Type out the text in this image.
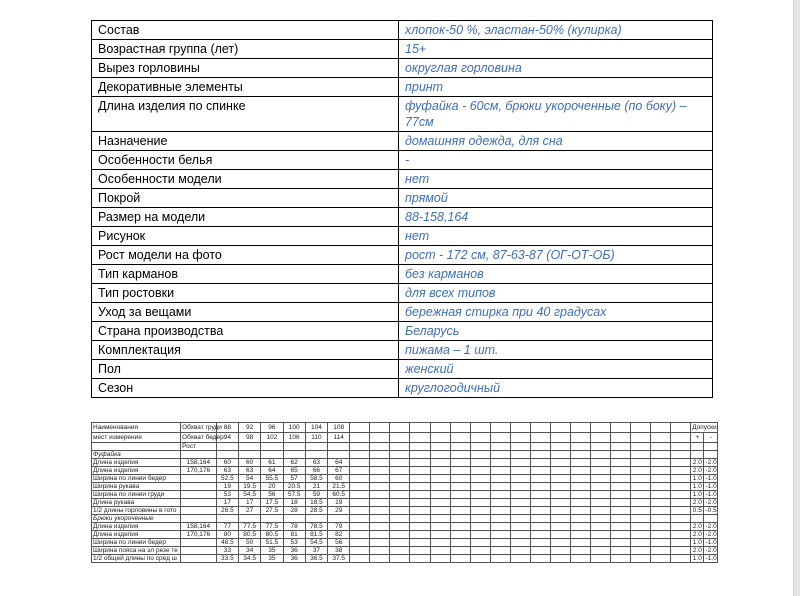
Состав	хлопок-50 %, эластан-50% (кулирка)
Возрастная группа (лет)	15+
Вырез горловины	округлая горловина
Декоративные элементы	принт
Длина изделия по спинке	фуфайка - 60см, брюки укороченные (по боку) – 77см
Назначение	домашняя одежда, для сна
Особенности белья	-
Особенности модели	нет
Покрой	прямой
Размер на модели	88-158,164
Рисунок	нет
Рост модели на фото	рост - 172 см, 87-63-87 (ОГ-ОТ-ОБ)
Тип карманов	без карманов
Тип ростовки	для всех типов
Уход за вещами	бережная стирка при 40 градусах
Страна производства	Беларусь
Комплектация	пижама – 1 шт.
Пол	женский
Сезон	круглогодичный
Наименования	Обхват груди	88	92	96	100	104	108																		Допуски	
мест измерения	Обхват бедер	94	98	102	106	110	114																		+	-
	Рост																									
Фуфайка																										
Длина изделия	158,164	60	60	61	62	63	64																		2.0	-2.0
Длина изделия	170,176	63	63	64	65	66	67																		2.0	-2.0
Ширина по линии бедер		52.5	54	55.5	57	58.5	60																		1.0	-1.0
Ширина рукава		19	19.5	20	20.5	21	21.5																		1.0	-1.0
Ширина по линии груди		53	54.5	56	57.5	59	60.5																		1.0	-1.0
Длина рукава		17	17	17.5	18	18.5	19																		2.0	-2.0
1/2 длины горловины в гото		26.5	27	27.5	28	28.5	29																		0.5	-0.5
Брюки укороченные																										
Длина изделия	158,164	77	77.5	77.5	78	78.5	79																		2.0	-2.0
Длина изделия	170,176	80	80.5	80.5	81	81.5	82																		2.0	-2.0
Ширина по линии бедер		48.5	50	51.5	53	54.5	56																		1.0	-1.0
Ширина пояса на эл резе те		33	34	35	36	37	38																		2.0	-2.0
1/2 общей длины по сред ш		33.5	34.5	35	36	36.5	37.5																		1.0	-1.0
